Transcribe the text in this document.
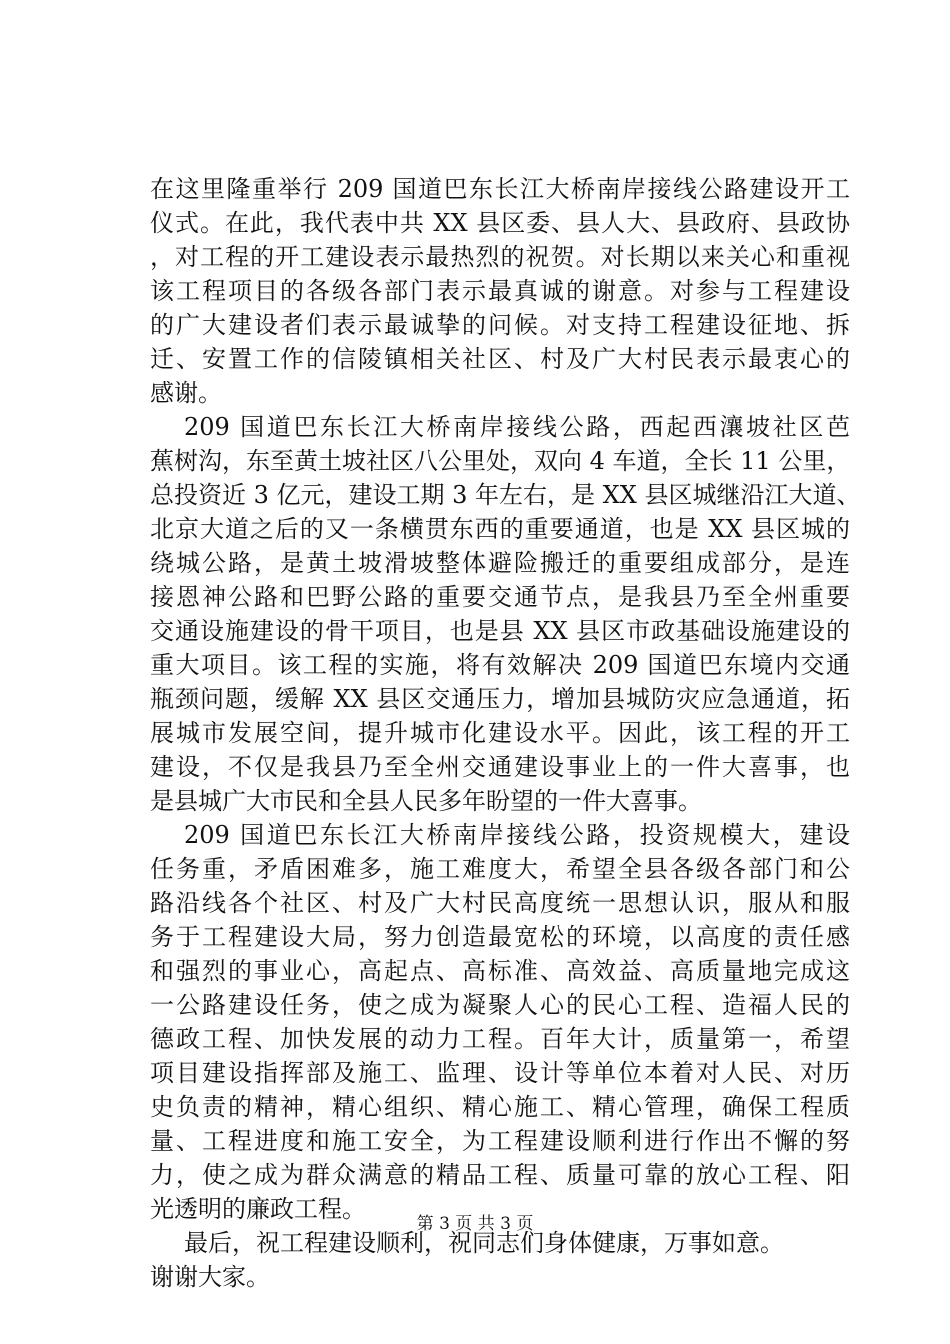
在这里隆重举行 209 国道巴东长江大桥南岸接线公路建设开工
仪式。在此，我代表中共 XX 县区委、县人大、县政府、县政协
，对工程的开工建设表示最热烈的祝贺。对长期以来关心和重视
该工程项目的各级各部门表示最真诚的谢意。对参与工程建设
的广大建设者们表示最诚挚的问候。对支持工程建设征地、拆
迁、安置工作的信陵镇相关社区、村及广大村民表示最衷心的
感谢。
209 国道巴东长江大桥南岸接线公路，西起西瀼坡社区芭
蕉树沟，东至黄土坡社区八公里处，双向 4 车道，全长 11 公里，
总投资近 3 亿元，建设工期 3 年左右，是 XX 县区城继沿江大道、
北京大道之后的又一条横贯东西的重要通道，也是 XX 县区城的
绕城公路，是黄土坡滑坡整体避险搬迁的重要组成部分，是连
接恩神公路和巴野公路的重要交通节点，是我县乃至全州重要
交通设施建设的骨干项目，也是县 XX 县区市政基础设施建设的
重大项目。该工程的实施，将有效解决 209 国道巴东境内交通
瓶颈问题，缓解 XX 县区交通压力，增加县城防灾应急通道，拓
展城市发展空间，提升城市化建设水平。因此，该工程的开工
建设，不仅是我县乃至全州交通建设事业上的一件大喜事，也
是县城广大市民和全县人民多年盼望的一件大喜事。
209 国道巴东长江大桥南岸接线公路，投资规模大，建设
任务重，矛盾困难多，施工难度大，希望全县各级各部门和公
路沿线各个社区、村及广大村民高度统一思想认识，服从和服
务于工程建设大局，努力创造最宽松的环境，以高度的责任感
和强烈的事业心，高起点、高标准、高效益、高质量地完成这
一公路建设任务，使之成为凝聚人心的民心工程、造福人民的
德政工程、加快发展的动力工程。百年大计，质量第一，希望
项目建设指挥部及施工、监理、设计等单位本着对人民、对历
史负责的精神，精心组织、精心施工、精心管理，确保工程质
量、工程进度和施工安全，为工程建设顺利进行作出不懈的努
力，使之成为群众满意的精品工程、质量可靠的放心工程、阳
光透明的廉政工程。
最后，祝工程建设顺利，祝同志们身体健康，万事如意。
谢谢大家。
第 3 页 共 3 页
